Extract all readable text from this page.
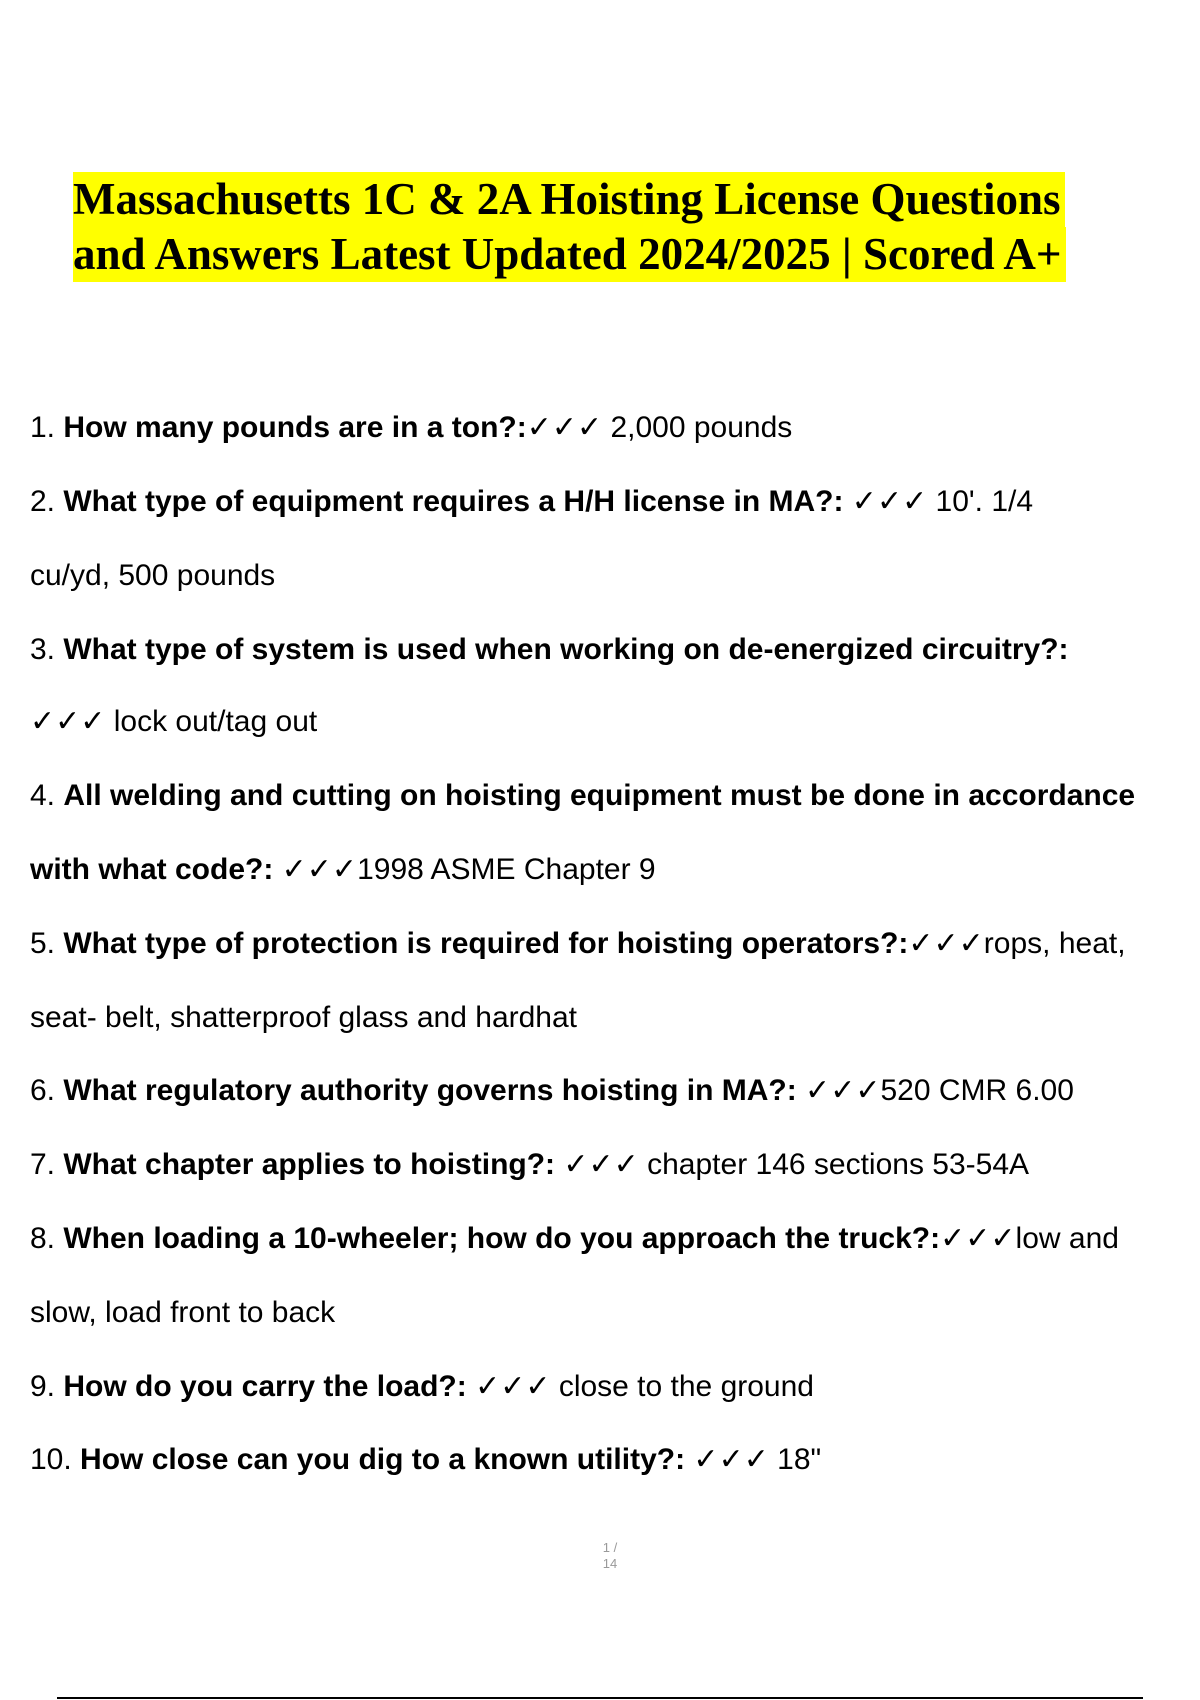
Massachusetts 1C & 2A Hoisting License Questions
and Answers Latest Updated 2024/2025 | Scored A+
1. How many pounds are in a ton?:✓✓✓ 2,000 pounds
2. What type of equipment requires a H/H license in MA?: ✓✓✓ 10'. 1/4
cu/yd, 500 pounds
3. What type of system is used when working on de-energized circuitry?:
✓✓✓ lock out/tag out
4. All welding and cutting on hoisting equipment must be done in accordance
with what code?: ✓✓✓1998 ASME Chapter 9
5. What type of protection is required for hoisting operators?:✓✓✓rops, heat,
seat- belt, shatterproof glass and hardhat
6. What regulatory authority governs hoisting in MA?: ✓✓✓520 CMR 6.00
7. What chapter applies to hoisting?: ✓✓✓ chapter 146 sections 53-54A
8. When loading a 10-wheeler; how do you approach the truck?:✓✓✓low and
slow, load front to back
9. How do you carry the load?: ✓✓✓ close to the ground
10. How close can you dig to a known utility?: ✓✓✓ 18"
1 /
14
